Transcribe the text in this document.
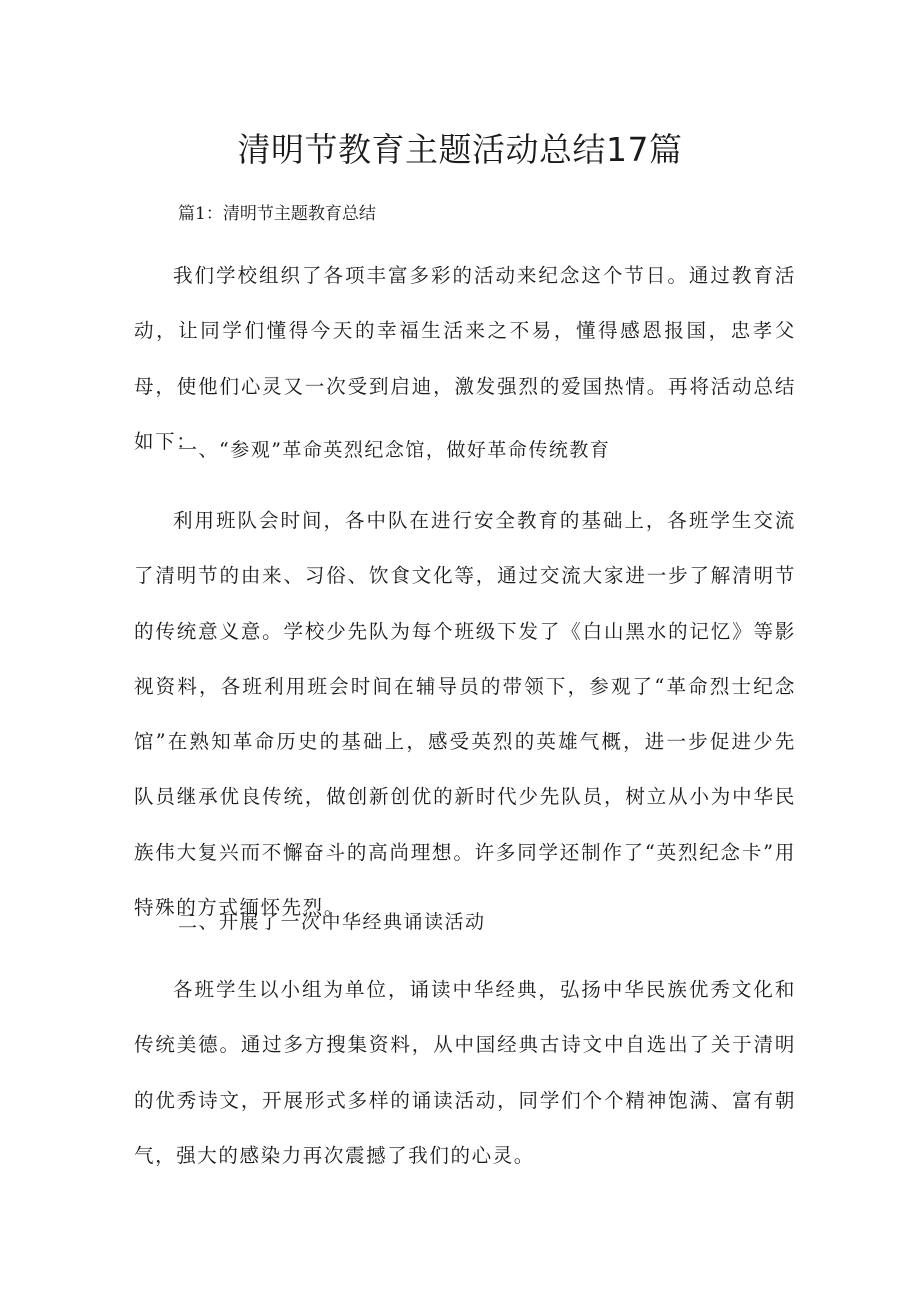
清明节教育主题活动总结17篇

篇1：清明节主题教育总结

我们学校组织了各项丰富多彩的活动来纪念这个节日。通过教育活动，让同学们懂得今天的幸福生活来之不易，懂得感恩报国，忠孝父母，使他们心灵又一次受到启迪，激发强烈的爱国热情。再将活动总结如下：

一、“参观”革命英烈纪念馆，做好革命传统教育

利用班队会时间，各中队在进行安全教育的基础上，各班学生交流了清明节的由来、习俗、饮食文化等，通过交流大家进一步了解清明节的传统意义意。学校少先队为每个班级下发了《白山黑水的记忆》等影视资料，各班利用班会时间在辅导员的带领下，参观了“革命烈士纪念馆”在熟知革命历史的基础上，感受英烈的英雄气概，进一步促进少先队员继承优良传统，做创新创优的新时代少先队员，树立从小为中华民族伟大复兴而不懈奋斗的高尚理想。许多同学还制作了“英烈纪念卡”用特殊的方式缅怀先烈。

二、开展了一次中华经典诵读活动

各班学生以小组为单位，诵读中华经典，弘扬中华民族优秀文化和传统美德。通过多方搜集资料，从中国经典古诗文中自选出了关于清明的优秀诗文，开展形式多样的诵读活动，同学们个个精神饱满、富有朝气，强大的感染力再次震撼了我们的心灵。
